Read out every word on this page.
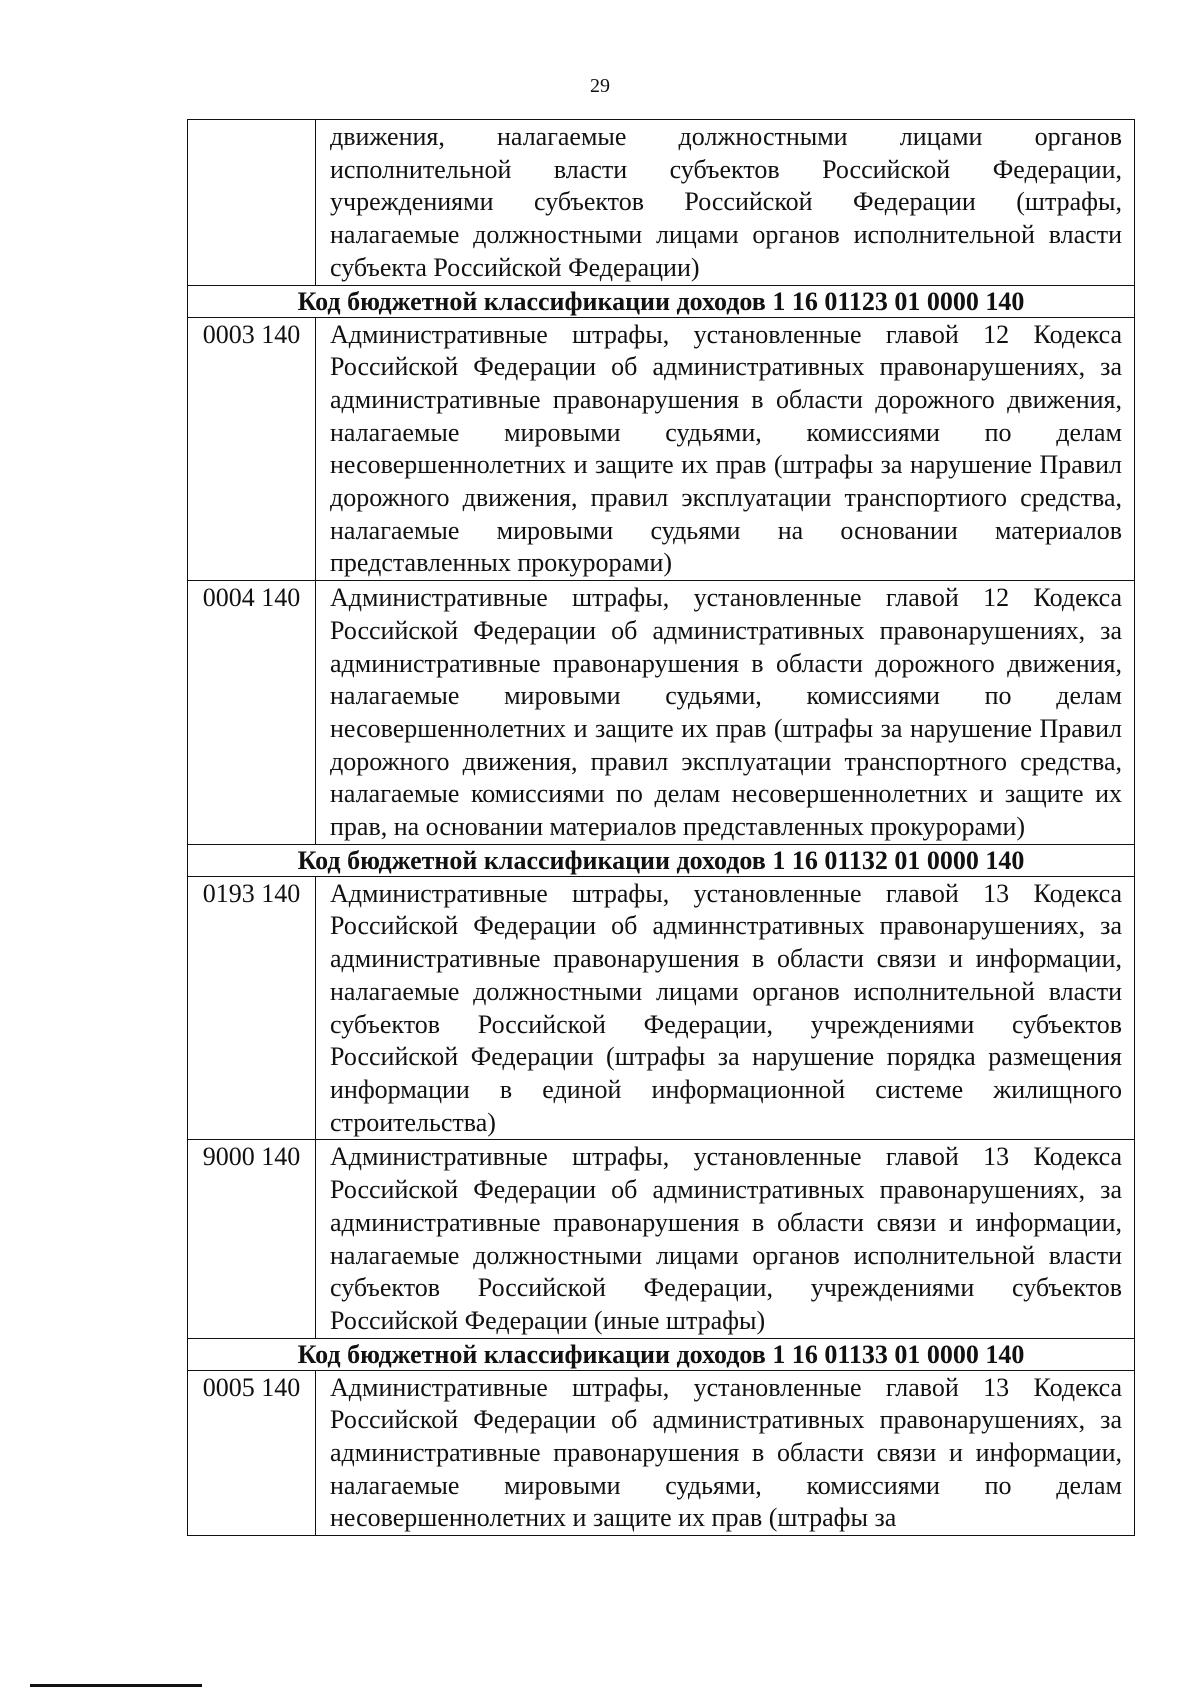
29
	движения, налагаемые должностными лицами органов исполнительной власти субъектов Российской Федерации, учреждениями субъектов Российской Федерации (штрафы, налагаемые должностными лицами органов исполнительной власти субъекта Российской Федерации)
Код бюджетной классификации доходов 1 16 01123 01 0000 140	
0003 140	Административные штрафы, установленные главой 12 Кодекса Российской Федерации об административных правонарушениях, за административные правонарушения в области дорожного движения, налагаемые мировыми судьями, комиссиями по делам несовершеннолетних и защите их прав (штрафы за нарушение Правил дорожного движения, правил эксплуатации транспортиого средства, налагаемые мировыми судьями на основании материалов представленных прокурорами)
0004 140	Административные штрафы, установленные главой 12 Кодекса Российской Федерации об административных правонарушениях, за административные правонарушения в области дорожного движения, налагаемые мировыми судьями, комиссиями по делам несовершеннолетних и защите их прав (штрафы за нарушение Правил дорожного движения, правил эксплуатации транспортного средства, налагаемые комиссиями по делам несовершеннолетних и защите их прав, на основании материалов представленных прокурорами)
Код бюджетной классификации доходов 1 16 01132 01 0000 140	
0193 140	Административные штрафы, установленные главой 13 Кодекса Российской Федерации об админнстративных правонарушениях, за административные правонарушения в области связи и информации, налагаемые должностными лицами органов исполнительной власти субъектов Российской Федерации, учреждениями субъектов Российской Федерации (штрафы за нарушение порядка размещения информации в единой информационной системе жилищного строительства)
9000 140	Административные штрафы, установленные главой 13 Кодекса Российской Федерации об административных правонарушениях, за административные правонарушения в области связи и информации, налагаемые должностными лицами органов исполнительной власти субъектов Российской Федерации, учреждениями субъектов Российской Федерации (иные штрафы)
Код бюджетной классификации доходов 1 16 01133 01 0000 140	
0005 140	Административные штрафы, установленные главой 13 Кодекса Российской Федерации об административных правонарушениях, за административные правонарушения в области связи и информации, налагаемые мировыми судьями, комиссиями по делам несовершеннолетних и защите их прав (штрафы за
